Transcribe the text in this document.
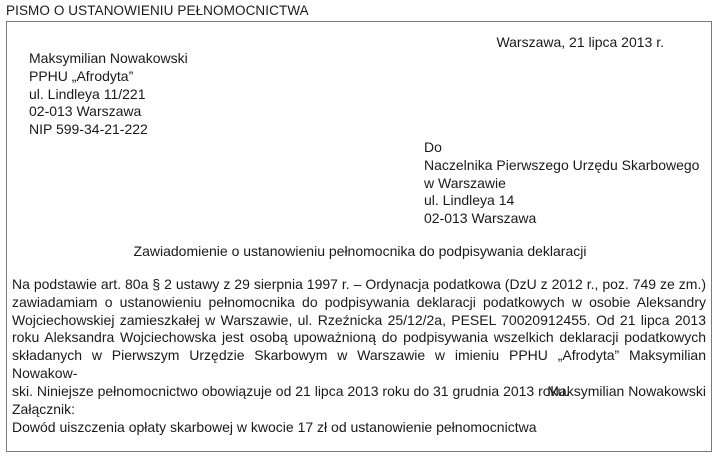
PISMO O USTANOWIENIU PEŁNOMOCNICTWA
Warszawa, 21 lipca 2013 r.
Maksymilian Nowakowski
PPHU „Afrodyta”
ul. Lindleya 11/221
02-013 Warszawa
NIP 599-34-21-222
Do
Naczelnika Pierwszego Urzędu Skarbowego
w Warszawie
ul. Lindleya 14
02-013 Warszawa
Zawiadomienie o ustanowieniu pełnomocnika do podpisywania deklaracji
Na podstawie art. 80a § 2 ustawy z 29 sierpnia 1997 r. – Ordynacja podatkowa (DzU z 2012 r., poz. 749 ze zm.)
zawiadamiam o ustanowieniu pełnomocnika do podpisywania deklaracji podatkowych w osobie Aleksandry
Wojciechowskiej zamieszkałej w Warszawie, ul. Rzeźnicka 25/12/2a, PESEL 70020912455. Od 21 lipca 2013
roku Aleksandra Wojciechowska jest osobą upoważnioną do podpisywania wszelkich deklaracji podatkowych
składanych w Pierwszym Urzędzie Skarbowym w Warszawie w imieniu PPHU „Afrodyta” Maksymilian Nowakow-
ski. Niniejsze pełnomocnictwo obowiązuje od 21 lipca 2013 roku do 31 grudnia 2013 roku.
Maksymilian Nowakowski
Załącznik:
Dowód uiszczenia opłaty skarbowej w kwocie 17 zł od ustanowienie pełnomocnictwa
